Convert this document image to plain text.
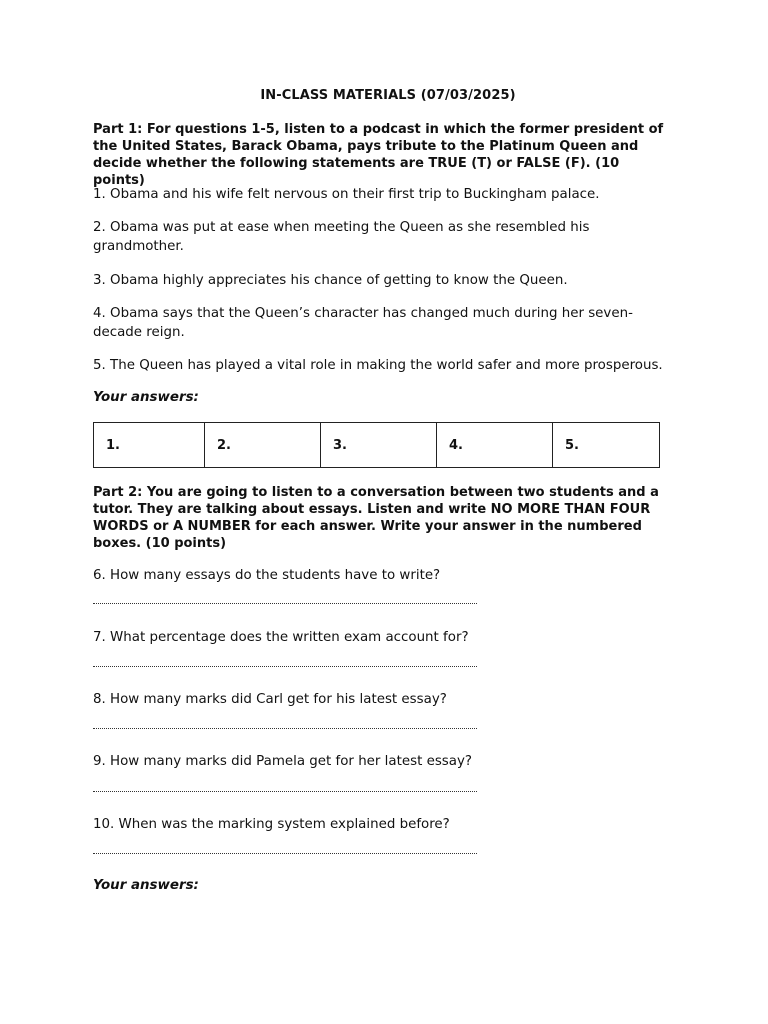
IN-CLASS MATERIALS (07/03/2025)
Part 1: For questions 1-5, listen to a podcast in which the former president of the United States, Barack Obama, pays tribute to the Platinum Queen and decide whether the following statements are TRUE (T) or FALSE (F). (10 points)
1. Obama and his wife felt nervous on their first trip to Buckingham palace.
2. Obama was put at ease when meeting the Queen as she resembled his grandmother.
3. Obama highly appreciates his chance of getting to know the Queen.
4. Obama says that the Queen’s character has changed much during her seven-decade reign.
5. The Queen has played a vital role in making the world safer and more prosperous.
Your answers:
1.	2.	3.	4.	5.
Part 2: You are going to listen to a conversation between two students and a tutor. They are talking about essays. Listen and write NO MORE THAN FOUR WORDS or A NUMBER for each answer. Write your answer in the numbered boxes. (10 points)
6. How many essays do the students have to write?
7. What percentage does the written exam account for?
8. How many marks did Carl get for his latest essay?
9. How many marks did Pamela get for her latest essay?
10. When was the marking system explained before?
Your answers:
